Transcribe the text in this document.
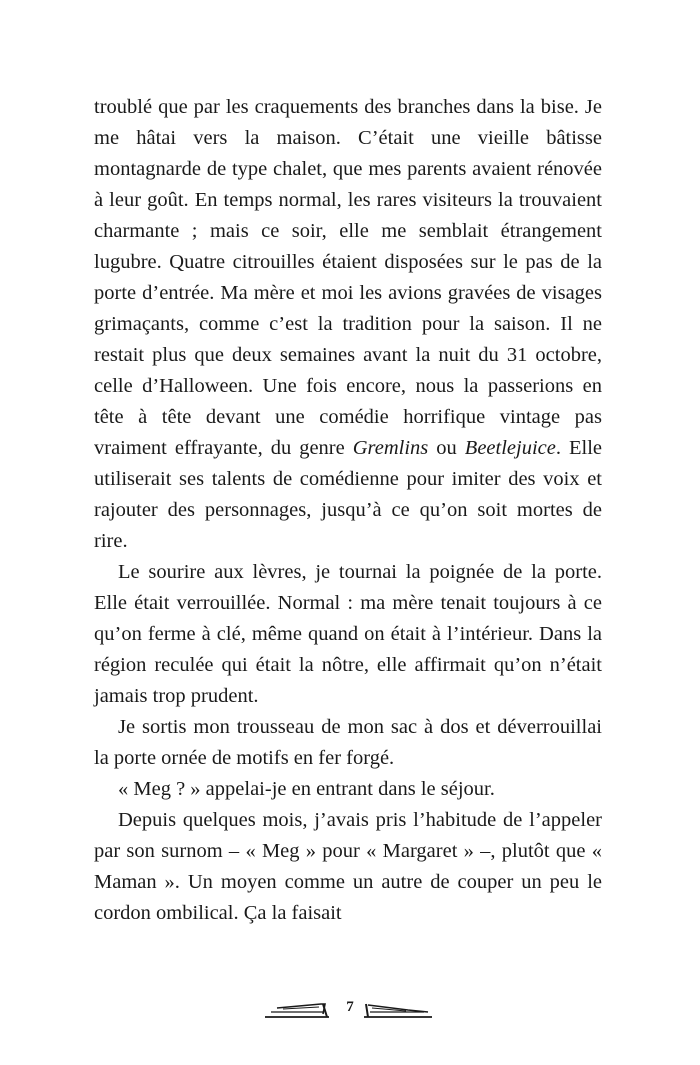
troublé que par les craquements des branches dans la bise. Je me hâtai vers la maison. C’était une vieille bâtisse montagnarde de type chalet, que mes parents avaient rénovée à leur goût. En temps normal, les rares visiteurs la trouvaient charmante ; mais ce soir, elle me semblait étrangement lugubre. Quatre citrouilles étaient disposées sur le pas de la porte d’entrée. Ma mère et moi les avions gravées de visages grimaçants, comme c’est la tradition pour la saison. Il ne restait plus que deux semaines avant la nuit du 31 octobre, celle d’Halloween. Une fois encore, nous la passerions en tête à tête devant une comédie horrifique vintage pas vraiment effrayante, du genre Gremlins ou Beetlejuice. Elle utiliserait ses talents de comédienne pour imiter des voix et rajouter des personnages, jusqu’à ce qu’on soit mortes de rire.

Le sourire aux lèvres, je tournai la poignée de la porte. Elle était verrouillée. Normal : ma mère tenait toujours à ce qu’on ferme à clé, même quand on était à l’intérieur. Dans la région reculée qui était la nôtre, elle affirmait qu’on n’était jamais trop prudent.

Je sortis mon trousseau de mon sac à dos et déverrouillai la porte ornée de motifs en fer forgé.

« Meg ? » appelai-je en entrant dans le séjour.

Depuis quelques mois, j’avais pris l’habitude de l’appeler par son surnom – « Meg » pour « Margaret » –, plutôt que « Maman ». Un moyen comme un autre de couper un peu le cordon ombilical. Ça la faisait

7
